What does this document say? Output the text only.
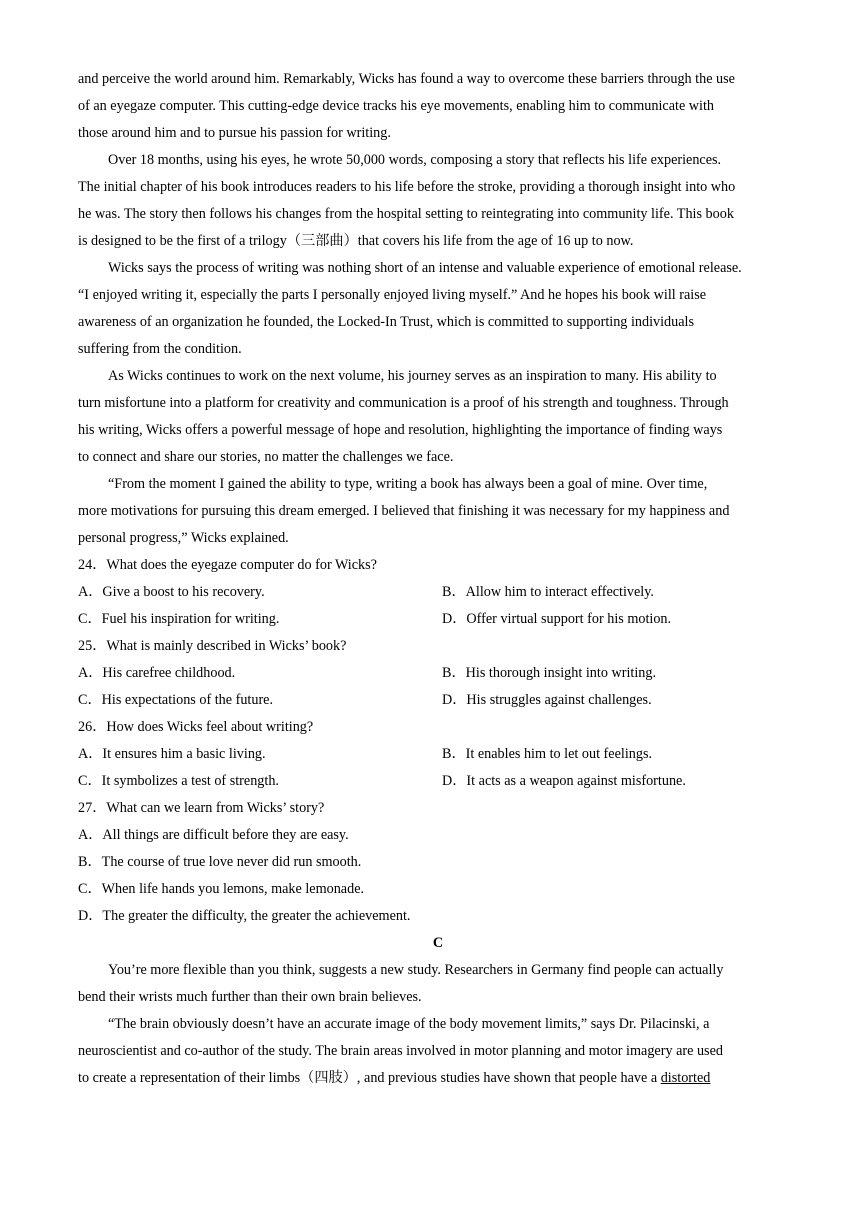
and perceive the world around him. Remarkably, Wicks has found a way to overcome these barriers through the use
of an eyegaze computer. This cutting-edge device tracks his eye movements, enabling him to communicate with
those around him and to pursue his passion for writing.
Over 18 months, using his eyes, he wrote 50,000 words, composing a story that reflects his life experiences.
The initial chapter of his book introduces readers to his life before the stroke, providing a thorough insight into who
he was. The story then follows his changes from the hospital setting to reintegrating into community life. This book
is designed to be the first of a trilogy（三部曲）that covers his life from the age of 16 up to now.
Wicks says the process of writing was nothing short of an intense and valuable experience of emotional release.
“I enjoyed writing it, especially the parts I personally enjoyed living myself.” And he hopes his book will raise
awareness of an organization he founded, the Locked-In Trust, which is committed to supporting individuals
suffering from the condition.
As Wicks continues to work on the next volume, his journey serves as an inspiration to many. His ability to
turn misfortune into a platform for creativity and communication is a proof of his strength and toughness. Through
his writing, Wicks offers a powerful message of hope and resolution, highlighting the importance of finding ways
to connect and share our stories, no matter the challenges we face.
“From the moment I gained the ability to type, writing a book has always been a goal of mine. Over time,
more motivations for pursuing this dream emerged. I believed that finishing it was necessary for my happiness and
personal progress,” Wicks explained.
24．What does the eyegaze computer do for Wicks?
A．Give a boost to his recovery.	B．Allow him to interact effectively.
C．Fuel his inspiration for writing.	D．Offer virtual support for his motion.
25．What is mainly described in Wicks’ book?
A．His carefree childhood.	B．His thorough insight into writing.
C．His expectations of the future.	D．His struggles against challenges.
26．How does Wicks feel about writing?
A．It ensures him a basic living.	B．It enables him to let out feelings.
C．It symbolizes a test of strength.	D．It acts as a weapon against misfortune.
27．What can we learn from Wicks’ story?
A．All things are difficult before they are easy.
B．The course of true love never did run smooth.
C．When life hands you lemons, make lemonade.
D．The greater the difficulty, the greater the achievement.
C
You’re more flexible than you think, suggests a new study. Researchers in Germany find people can actually
bend their wrists much further than their own brain believes.
“The brain obviously doesn’t have an accurate image of the body movement limits,” says Dr. Pilacinski, a
neuroscientist and co-author of the study. The brain areas involved in motor planning and motor imagery are used
to create a representation of their limbs（四肢）, and previous studies have shown that people have a distorted
